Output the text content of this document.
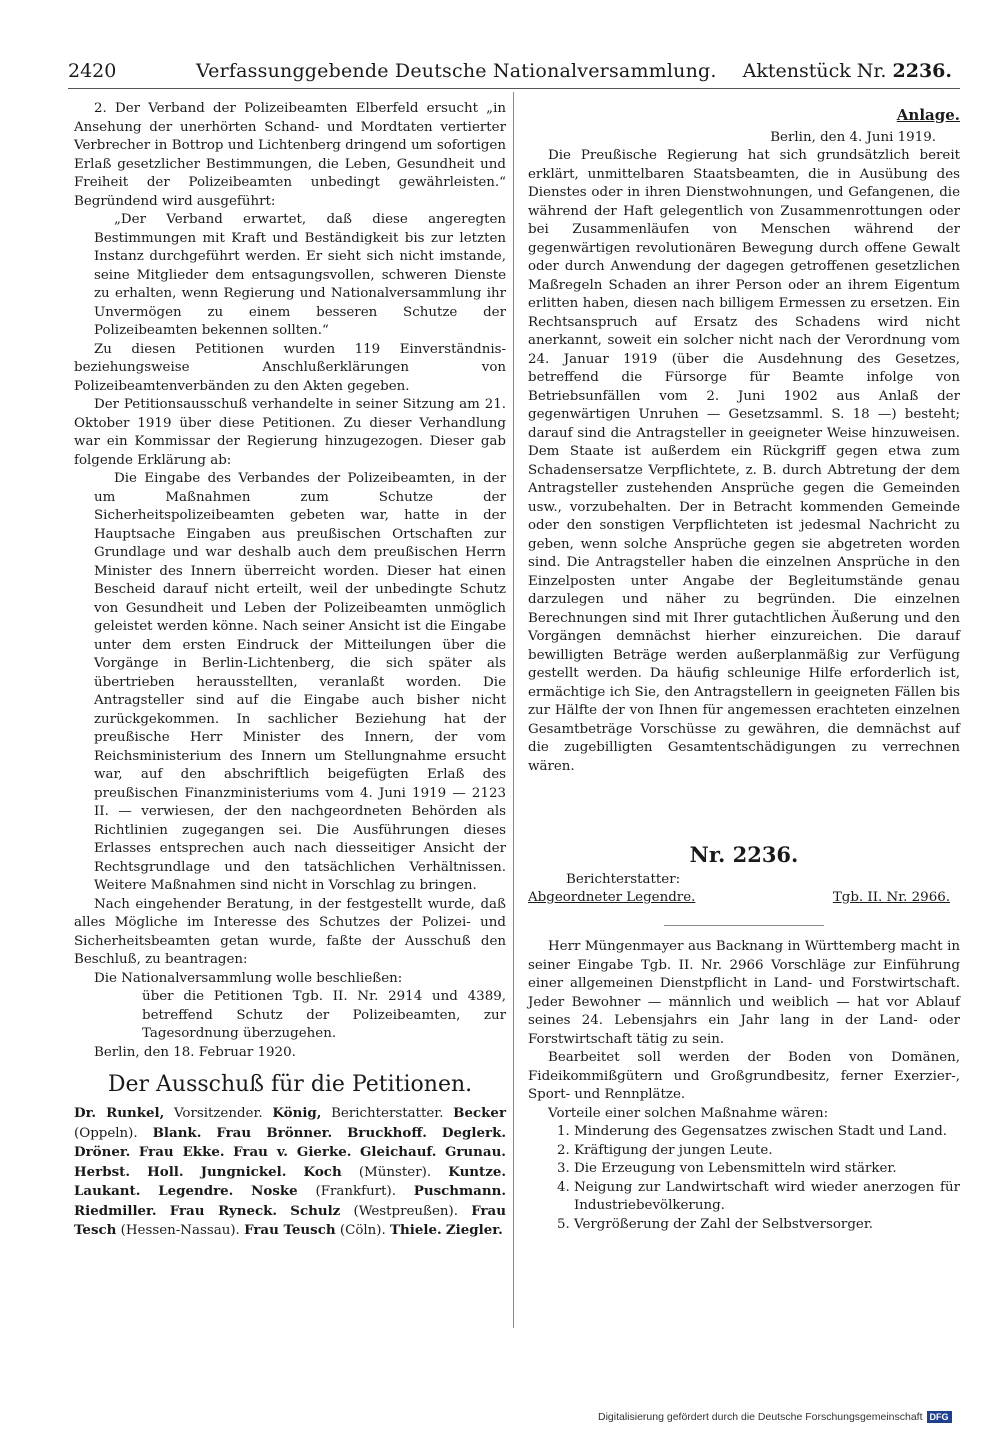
2420	Verfassunggebende Deutsche Nationalversammlung. Aktenstück Nr. 2236.

2. Der Verband der Polizeibeamten Elberfeld ersucht „in Ansehung der unerhörten Schand- und Mordtaten vertierter Verbrecher in Bottrop und Lichtenberg dringend um sofortigen Erlaß gesetzlicher Bestimmungen, die Leben, Gesundheit und Freiheit der Polizeibeamten unbedingt gewährleisten.“ Begründend wird ausgeführt:

„Der Verband erwartet, daß diese angeregten Bestimmungen mit Kraft und Beständigkeit bis zur letzten Instanz durchgeführt werden. Er sieht sich nicht imstande, seine Mitglieder dem entsagungsvollen, schweren Dienste zu erhalten, wenn Regierung und Nationalversammlung ihr Unvermögen zu einem besseren Schutze der Polizeibeamten bekennen sollten.“

Zu diesen Petitionen wurden 119 Einverständnis- beziehungsweise Anschlußerklärungen von Polizeibeamtenverbänden zu den Akten gegeben.

Der Petitionsausschuß verhandelte in seiner Sitzung am 21. Oktober 1919 über diese Petitionen. Zu dieser Verhandlung war ein Kommissar der Regierung hinzugezogen. Dieser gab folgende Erklärung ab:

Die Eingabe des Verbandes der Polizeibeamten, in der um Maßnahmen zum Schutze der Sicherheitspolizeibeamten gebeten war, hatte in der Hauptsache Eingaben aus preußischen Ortschaften zur Grundlage und war deshalb auch dem preußischen Herrn Minister des Innern überreicht worden. Dieser hat einen Bescheid darauf nicht erteilt, weil der unbedingte Schutz von Gesundheit und Leben der Polizeibeamten unmöglich geleistet werden könne. Nach seiner Ansicht ist die Eingabe unter dem ersten Eindruck der Mitteilungen über die Vorgänge in Berlin-Lichtenberg, die sich später als übertrieben herausstellten, veranlaßt worden. Die Antragsteller sind auf die Eingabe auch bisher nicht zurückgekommen. In sachlicher Beziehung hat der preußische Herr Minister des Innern, der vom Reichsministerium des Innern um Stellungnahme ersucht war, auf den abschriftlich beigefügten Erlaß des preußischen Finanzministeriums vom 4. Juni 1919 — 2123 II. — verwiesen, der den nachgeordneten Behörden als Richtlinien zugegangen sei. Die Ausführungen dieses Erlasses entsprechen auch nach diesseitiger Ansicht der Rechtsgrundlage und den tatsächlichen Verhältnissen. Weitere Maßnahmen sind nicht in Vorschlag zu bringen.

Nach eingehender Beratung, in der festgestellt wurde, daß alles Mögliche im Interesse des Schutzes der Polizei- und Sicherheitsbeamten getan wurde, faßte der Ausschuß den Beschluß, zu beantragen:

Die Nationalversammlung wolle beschließen:

über die Petitionen Tgb. II. Nr. 2914 und 4389, betreffend Schutz der Polizeibeamten, zur Tagesordnung überzugehen.

Berlin, den 18. Februar 1920.

Der Ausschuß für die Petitionen.

Dr. Runkel, Vorsitzender. König, Berichterstatter. Becker (Oppeln). Blank. Frau Brönner. Bruckhoff. Deglerk. Dröner. Frau Ekke. Frau v. Gierke. Gleichauf. Grunau. Herbst. Holl. Jungnickel. Koch (Münster). Kuntze. Laukant. Legendre. Noske (Frankfurt). Puschmann. Riedmiller. Frau Ryneck. Schulz (Westpreußen). Frau Tesch (Hessen-Nassau). Frau Teusch (Cöln). Thiele. Ziegler.

Anlage.

Berlin, den 4. Juni 1919.

Die Preußische Regierung hat sich grundsätzlich bereit erklärt, unmittelbaren Staatsbeamten, die in Ausübung des Dienstes oder in ihren Dienstwohnungen, und Gefangenen, die während der Haft gelegentlich von Zusammenrottungen oder bei Zusammenläufen von Menschen während der gegenwärtigen revolutionären Bewegung durch offene Gewalt oder durch Anwendung der dagegen getroffenen gesetzlichen Maßregeln Schaden an ihrer Person oder an ihrem Eigentum erlitten haben, diesen nach billigem Ermessen zu ersetzen. Ein Rechtsanspruch auf Ersatz des Schadens wird nicht anerkannt, soweit ein solcher nicht nach der Verordnung vom 24. Januar 1919 (über die Ausdehnung des Gesetzes, betreffend die Fürsorge für Beamte infolge von Betriebsunfällen vom 2. Juni 1902 aus Anlaß der gegenwärtigen Unruhen — Gesetzsamml. S. 18 —) besteht; darauf sind die Antragsteller in geeigneter Weise hinzuweisen. Dem Staate ist außerdem ein Rückgriff gegen etwa zum Schadensersatze Verpflichtete, z. B. durch Abtretung der dem Antragsteller zustehenden Ansprüche gegen die Gemeinden usw., vorzubehalten. Der in Betracht kommenden Gemeinde oder den sonstigen Verpflichteten ist jedesmal Nachricht zu geben, wenn solche Ansprüche gegen sie abgetreten worden sind. Die Antragsteller haben die einzelnen Ansprüche in den Einzelposten unter Angabe der Begleitumstände genau darzulegen und näher zu begründen. Die einzelnen Berechnungen sind mit Ihrer gutachtlichen Äußerung und den Vorgängen demnächst hierher einzureichen. Die darauf bewilligten Beträge werden außerplanmäßig zur Verfügung gestellt werden. Da häufig schleunige Hilfe erforderlich ist, ermächtige ich Sie, den Antragstellern in geeigneten Fällen bis zur Hälfte der von Ihnen für angemessen erachteten einzelnen Gesamtbeträge Vorschüsse zu gewähren, die demnächst auf die zugebilligten Gesamtentschädigungen zu verrechnen wären.

Nr. 2236.

Berichterstatter:

Abgeordneter Legendre.	Tgb. II. Nr. 2966.

Herr Müngenmayer aus Backnang in Württemberg macht in seiner Eingabe Tgb. II. Nr. 2966 Vorschläge zur Einführung einer allgemeinen Dienstpflicht in Land- und Forstwirtschaft. Jeder Bewohner — männlich und weiblich — hat vor Ablauf seines 24. Lebensjahrs ein Jahr lang in der Land- oder Forstwirtschaft tätig zu sein.

Bearbeitet soll werden der Boden von Domänen, Fideikommißgütern und Großgrundbesitz, ferner Exerzier-, Sport- und Rennplätze.

Vorteile einer solchen Maßnahme wären:

1. Minderung des Gegensatzes zwischen Stadt und Land.
2. Kräftigung der jungen Leute.
3. Die Erzeugung von Lebensmitteln wird stärker.
4. Neigung zur Landwirtschaft wird wieder anerzogen für Industriebevölkerung.
5. Vergrößerung der Zahl der Selbstversorger.
Digitalisierung gefördert durch die Deutsche Forschungsgemeinschaft DFG
